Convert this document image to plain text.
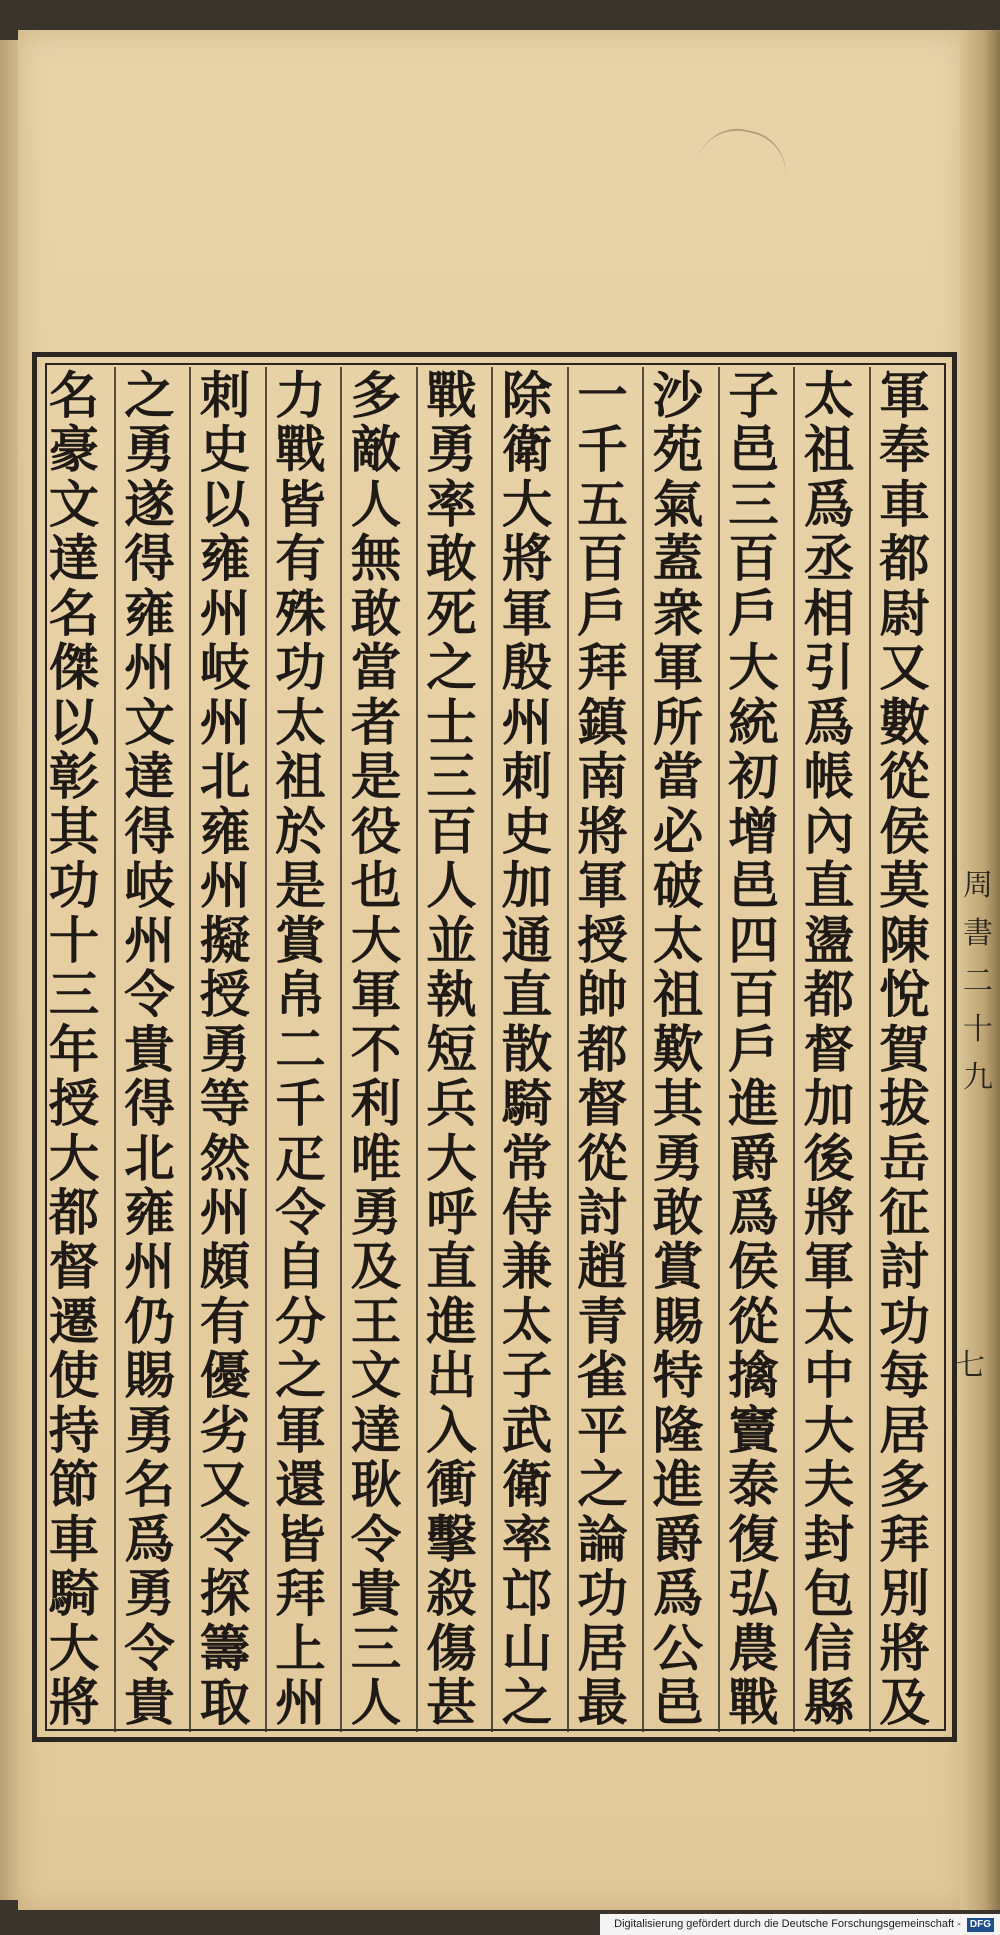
軍
奉
車
都
尉
又
數
從
侯
莫
陳
悅
賀
拔
岳
征
討
功
每
居
多
拜
別
將
及
太
祖
爲
丞
相
引
爲
帳
內
直
盪
都
督
加
後
將
軍
太
中
大
夫
封
包
信
縣
子
邑
三
百
戶
大
統
初
增
邑
四
百
戶
進
爵
爲
侯
從
擒
竇
泰
復
弘
農
戰
沙
苑
氣
蓋
衆
軍
所
當
必
破
太
祖
歎
其
勇
敢
賞
賜
特
隆
進
爵
爲
公
邑
一
千
五
百
戶
拜
鎮
南
將
軍
授
帥
都
督
從
討
趙
青
雀
平
之
論
功
居
最
除
衛
大
將
軍
殷
州
刺
史
加
通
直
散
騎
常
侍
兼
太
子
武
衛
率
邙
山
之
戰
勇
率
敢
死
之
士
三
百
人
並
執
短
兵
大
呼
直
進
出
入
衝
擊
殺
傷
甚
多
敵
人
無
敢
當
者
是
役
也
大
軍
不
利
唯
勇
及
王
文
達
耿
令
貴
三
人
力
戰
皆
有
殊
功
太
祖
於
是
賞
帛
二
千
疋
令
自
分
之
軍
還
皆
拜
上
州
刺
史
以
雍
州
岐
州
北
雍
州
擬
授
勇
等
然
州
頗
有
優
劣
又
令
探
籌
取
之
勇
遂
得
雍
州
文
達
得
岐
州
令
貴
得
北
雍
州
仍
賜
勇
名
爲
勇
令
貴
名
豪
文
達
名
傑
以
彰
其
功
十
三
年
授
大
都
督
遷
使
持
節
車
騎
大
將
周
書
二
十
九
七
Digitalisierung gefördert durch die Deutsche Forschungsgemeinschaft - DFG
